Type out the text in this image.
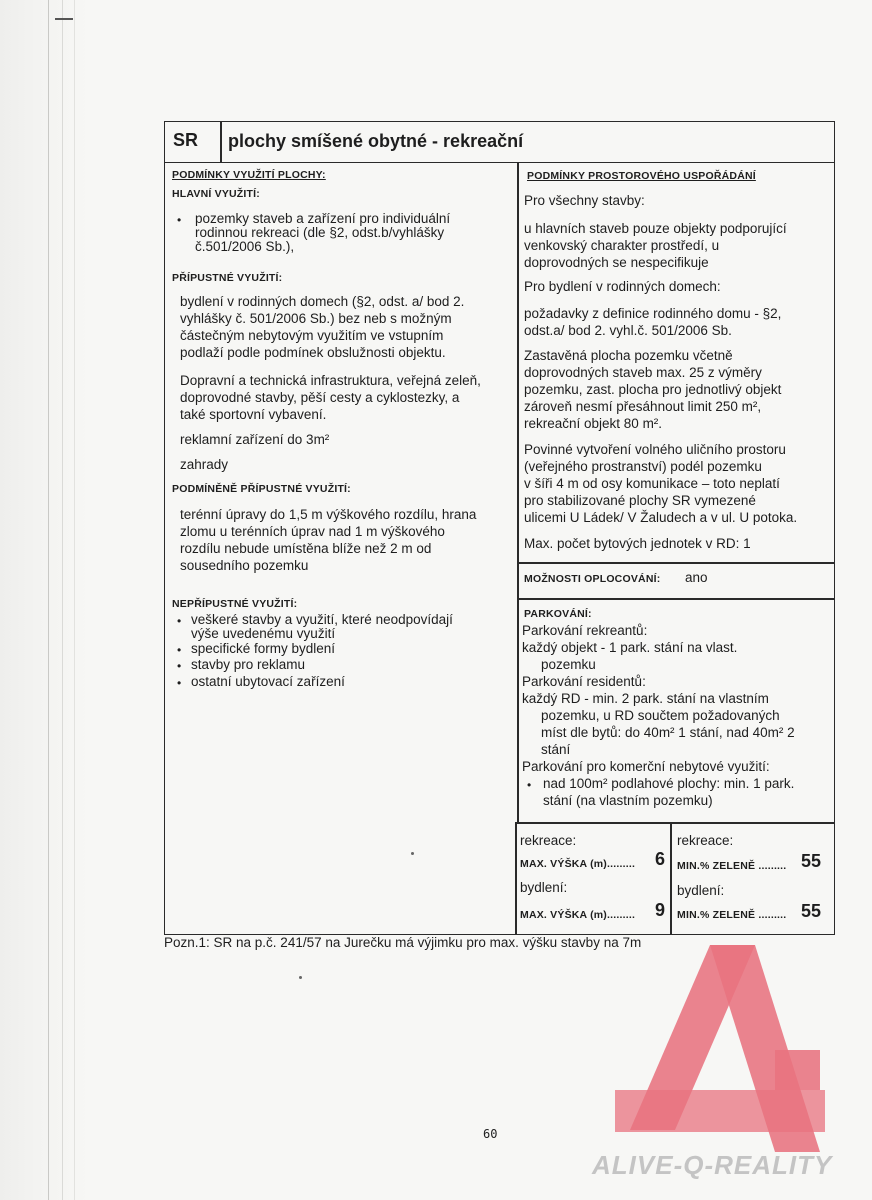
SR plochy smíšené obytné - rekreační
PODMÍNKY VYUŽITÍ PLOCHY:
HLAVNÍ VYUŽITÍ:
• pozemky staveb a zařízení pro individuální
rodinnou rekreaci (dle §2, odst.b/vyhlášky
č.501/2006 Sb.),
PŘÍPUSTNÉ VYUŽITÍ:
bydlení v rodinných domech (§2, odst. a/ bod 2.
vyhlášky č. 501/2006 Sb.) bez neb s možným
částečným nebytovým využitím ve vstupním
podlaží podle podmínek obslužnosti objektu.
Dopravní a technická infrastruktura, veřejná zeleň,
doprovodné stavby, pěší cesty a cyklostezky, a
také sportovní vybavení.
reklamní zařízení do 3m²
zahrady
PODMÍNĚNĚ PŘÍPUSTNÉ VYUŽITÍ:
terénní úpravy do 1,5 m výškového rozdílu, hrana
zlomu u terénních úprav nad 1 m výškového
rozdílu nebude umístěna blíže než 2 m od
sousedního pozemku
NEPŘÍPUSTNÉ VYUŽITÍ:
• veškeré stavby a využití, které neodpovídají
výše uvedenému využití
• specifické formy bydlení
• stavby pro reklamu
• ostatní ubytovací zařízení
PODMÍNKY PROSTOROVÉHO USPOŘÁDÁNÍ
Pro všechny stavby:
u hlavních staveb pouze objekty podporující
venkovský charakter prostředí, u
doprovodných se nespecifikuje
Pro bydlení v rodinných domech:
požadavky z definice rodinného domu - §2,
odst.a/ bod 2. vyhl.č. 501/2006 Sb.
Zastavěná plocha pozemku včetně
doprovodných staveb max. 25 z výměry
pozemku, zast. plocha pro jednotlivý objekt
zároveň nesmí přesáhnout limit 250 m²,
rekreační objekt 80 m².
Povinné vytvoření volného uličního prostoru
(veřejného prostranství) podél pozemku
v šíři 4 m od osy komunikace – toto neplatí
pro stabilizované plochy SR vymezené
ulicemi U Ládek/ V Žaludech a v ul. U potoka.
Max. počet bytových jednotek v RD: 1
MOŽNOSTI OPLOCOVÁNÍ: ano
PARKOVÁNÍ:
Parkování rekreantů:
každý objekt - 1 park. stání na vlast.
pozemku
Parkování residentů:
každý RD - min. 2 park. stání na vlastním
pozemku, u RD součtem požadovaných
míst dle bytů: do 40m² 1 stání, nad 40m² 2
stání
Parkování pro komerční nebytové využití:
• nad 100m² podlahové plochy: min. 1 park.
stání (na vlastním pozemku)
rekreace:
MAX. VÝŠKA (m)......... 6
bydlení:
MAX. VÝŠKA (m)......... 9
rekreace:
MIN.% ZELENĚ ......... 55
bydlení:
MIN.% ZELENĚ ......... 55
Pozn.1: SR na p.č. 241/57 na Jurečku má výjimku pro max. výšku stavby na 7m
ALIVE-Q-REALITY
60
